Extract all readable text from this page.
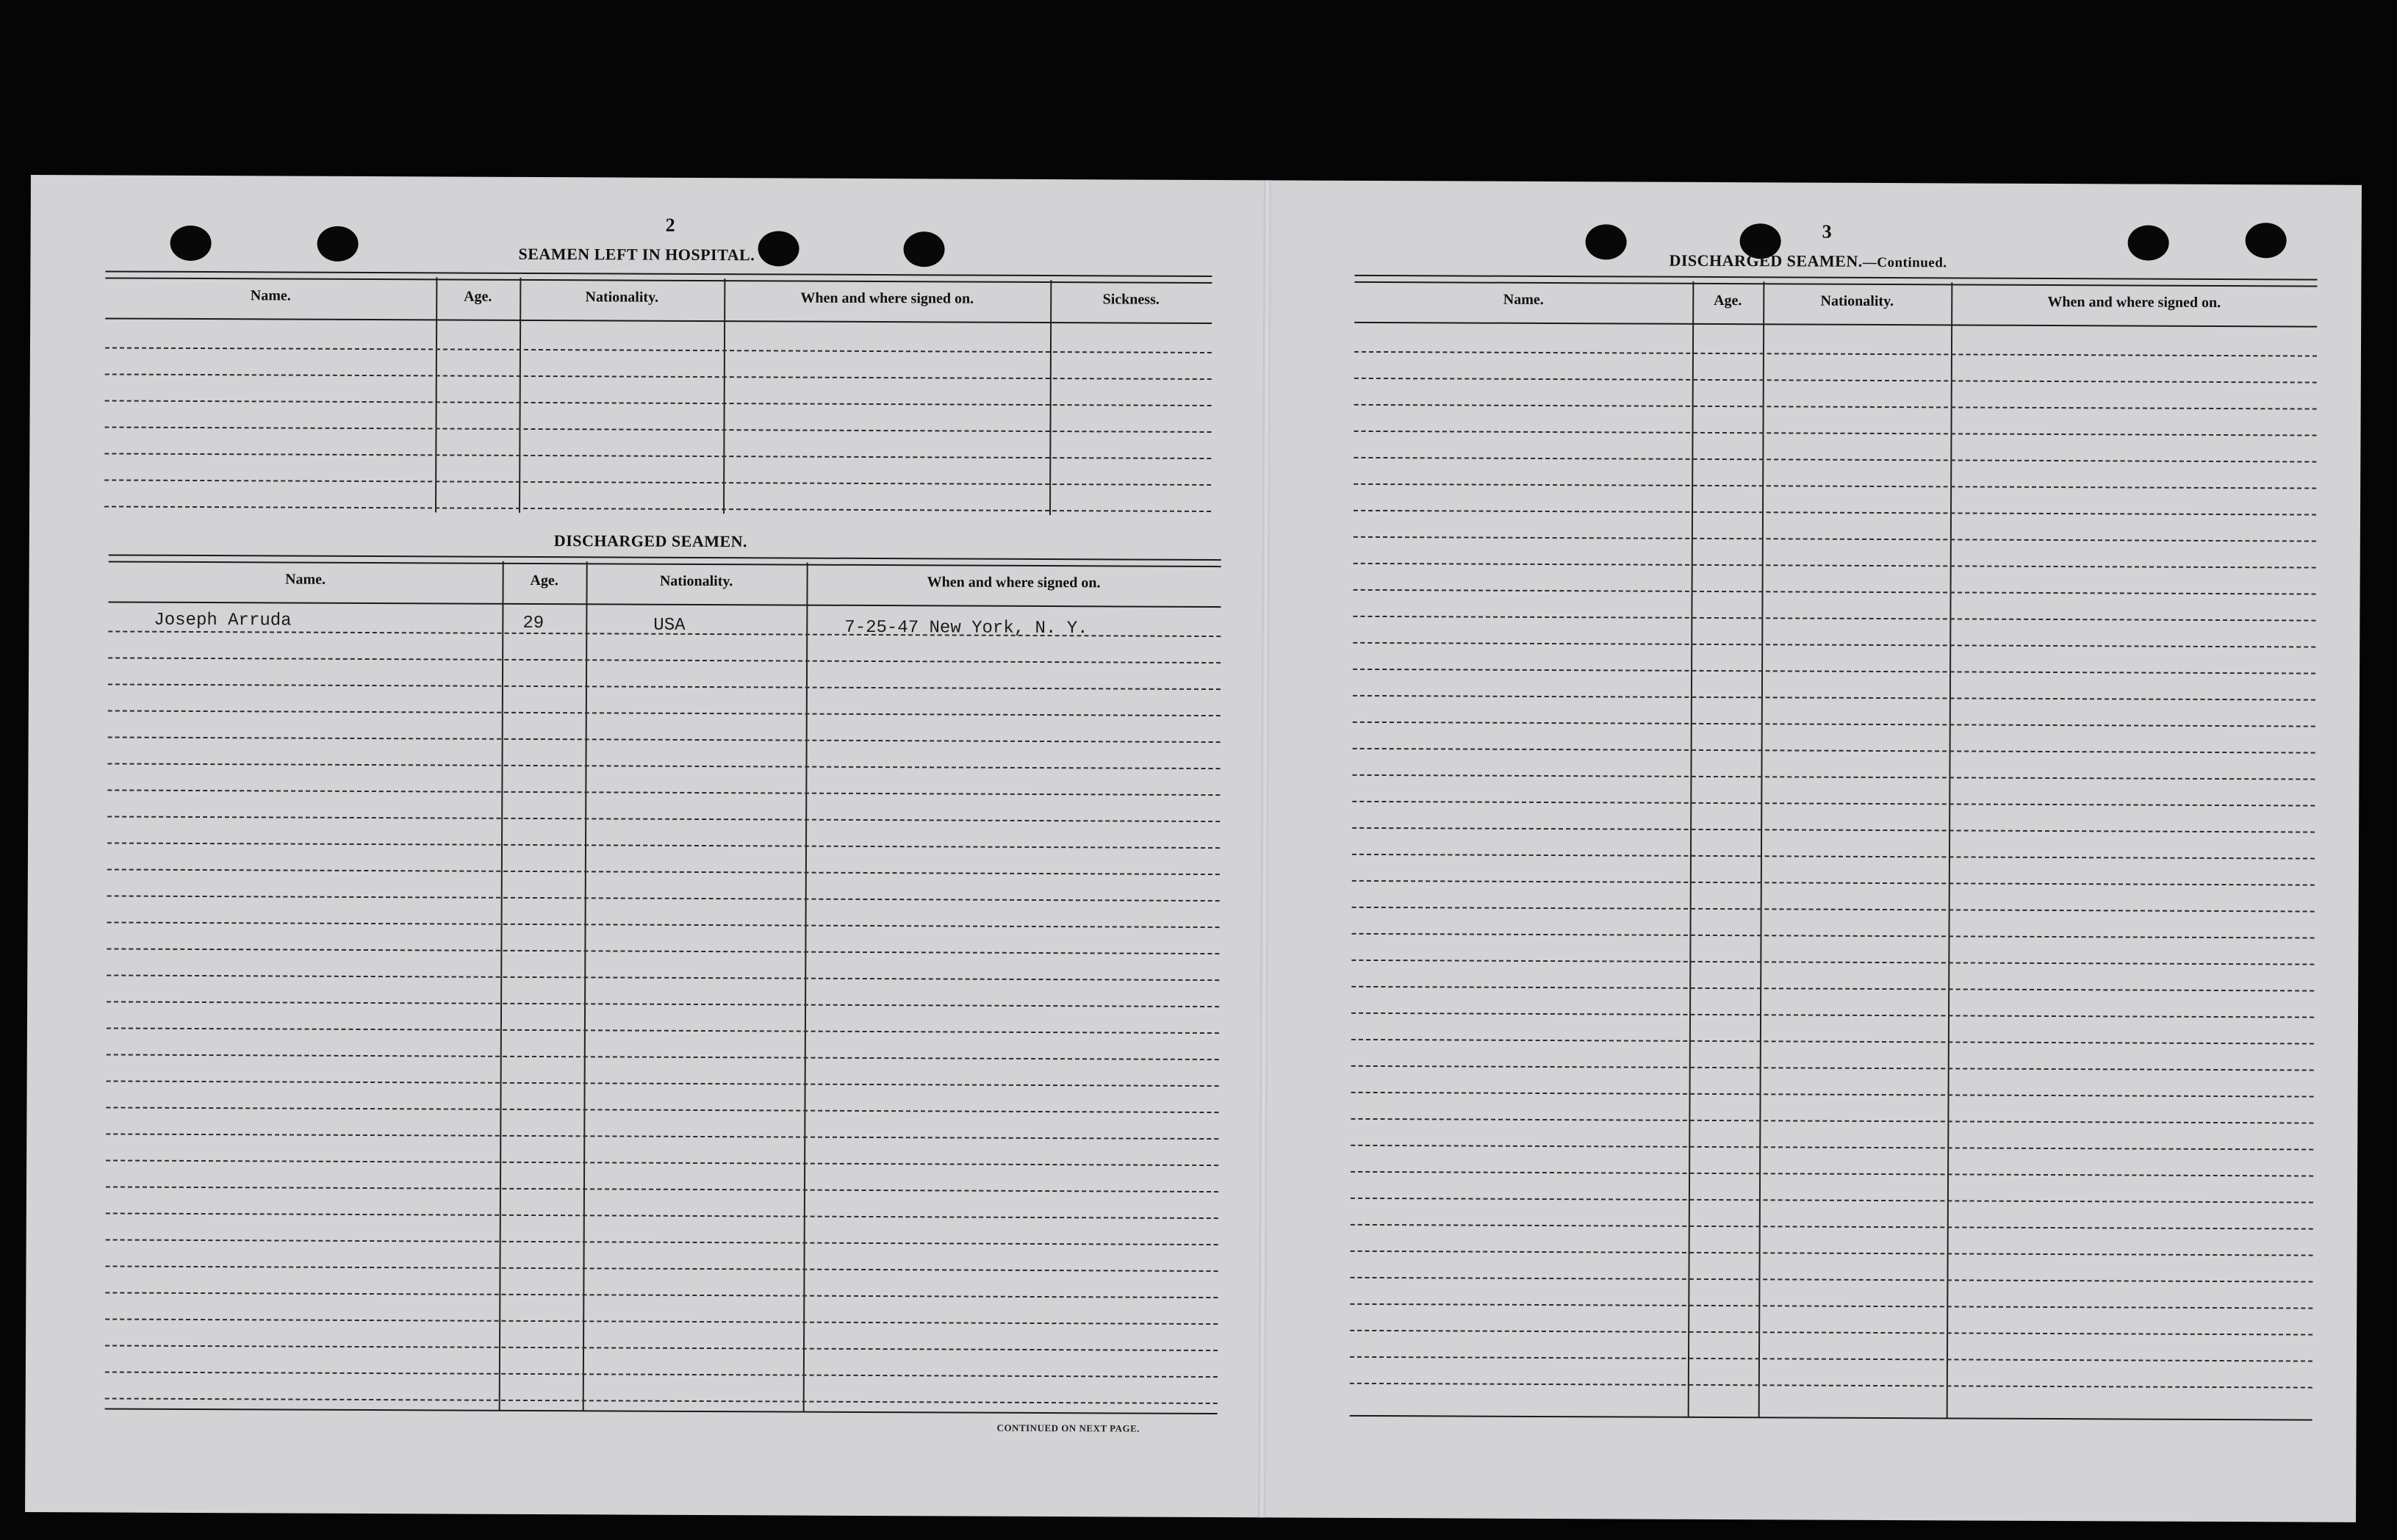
2
SEAMEN LEFT IN HOSPITAL.
Name.	Age.	Nationality.	When and where signed on.	Sickness.
DISCHARGED SEAMEN.
Name.	Age.	Nationality.	When and where signed on.
Joseph Arruda	29	USA	7-25-47 New York, N. Y.
CONTINUED ON NEXT PAGE.
3
DISCHARGED SEAMEN.—Continued.
Name.	Age.	Nationality.	When and where signed on.
